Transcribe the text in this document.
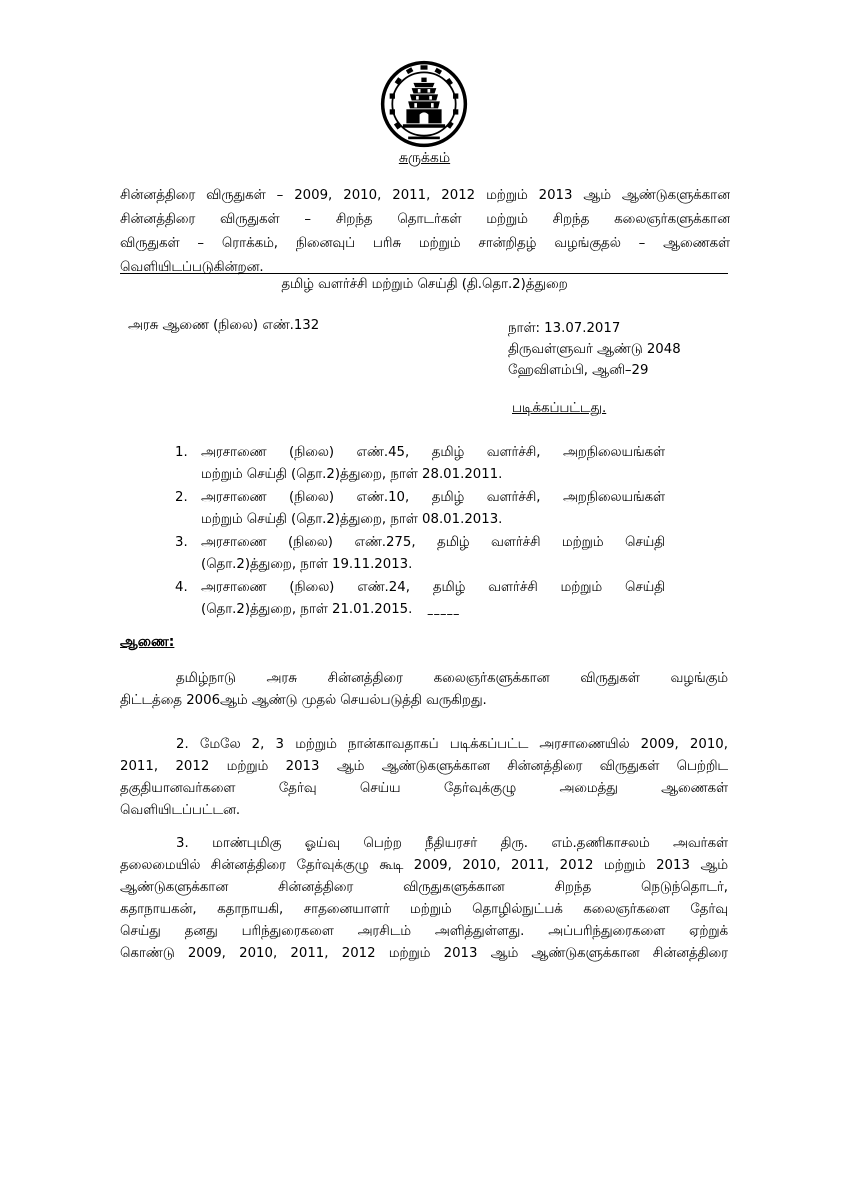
சுருக்கம்
சின்னத்திரை விருதுகள் – 2009, 2010, 2011, 2012 மற்றும் 2013 ஆம் ஆண்டுகளுக்கான
சின்னத்திரை விருதுகள் – சிறந்த தொடர்கள் மற்றும் சிறந்த கலைஞர்களுக்கான
விருதுகள் – ரொக்கம், நினைவுப் பரிசு மற்றும் சான்றிதழ் வழங்குதல் – ஆணைகள்
வெளியிடப்படுகின்றன.
தமிழ் வளர்ச்சி மற்றும் செய்தி (தி.தொ.2)த்துறை
அரசு ஆணை (நிலை) எண்.132	நாள்: 13.07.2017
திருவள்ளுவர் ஆண்டு 2048
ஹேவிளம்பி, ஆனி–29
படிக்கப்பட்டது.
1. அரசாணை (நிலை) எண்.45, தமிழ் வளர்ச்சி, அறநிலையங்கள்
மற்றும் செய்தி (தொ.2)த்துறை, நாள் 28.01.2011.
2. அரசாணை (நிலை) எண்.10, தமிழ் வளர்ச்சி, அறநிலையங்கள்
மற்றும் செய்தி (தொ.2)த்துறை, நாள் 08.01.2013.
3. அரசாணை (நிலை) எண்.275, தமிழ் வளர்ச்சி மற்றும் செய்தி
(தொ.2)த்துறை, நாள் 19.11.2013.
4. அரசாணை (நிலை) எண்.24, தமிழ் வளர்ச்சி மற்றும் செய்தி
(தொ.2)த்துறை, நாள் 21.01.2015.	–––––
ஆணை:
தமிழ்நாடு அரசு சின்னத்திரை கலைஞர்களுக்கான விருதுகள் வழங்கும்
திட்டத்தை 2006ஆம் ஆண்டு முதல் செயல்படுத்தி வருகிறது.
2. மேலே 2, 3 மற்றும் நான்காவதாகப் படிக்கப்பட்ட அரசாணையில் 2009, 2010,
2011, 2012 மற்றும் 2013 ஆம் ஆண்டுகளுக்கான சின்னத்திரை விருதுகள் பெற்றிட
தகுதியானவர்களை தேர்வு செய்ய தேர்வுக்குழு அமைத்து ஆணைகள்
வெளியிடப்பட்டன.
3. மாண்புமிகு ஓய்வு பெற்ற நீதியரசர் திரு. எம்.தணிகாசலம் அவர்கள்
தலைமையில் சின்னத்திரை தேர்வுக்குழு கூடி 2009, 2010, 2011, 2012 மற்றும் 2013 ஆம்
ஆண்டுகளுக்கான சின்னத்திரை விருதுகளுக்கான சிறந்த நெடுந்தொடர்,
கதாநாயகன், கதாநாயகி, சாதனையாளர் மற்றும் தொழில்நுட்பக் கலைஞர்களை தேர்வு
செய்து தனது பரிந்துரைகளை அரசிடம் அளித்துள்ளது. அப்பரிந்துரைகளை ஏற்றுக்
கொண்டு 2009, 2010, 2011, 2012 மற்றும் 2013 ஆம் ஆண்டுகளுக்கான சின்னத்திரை
